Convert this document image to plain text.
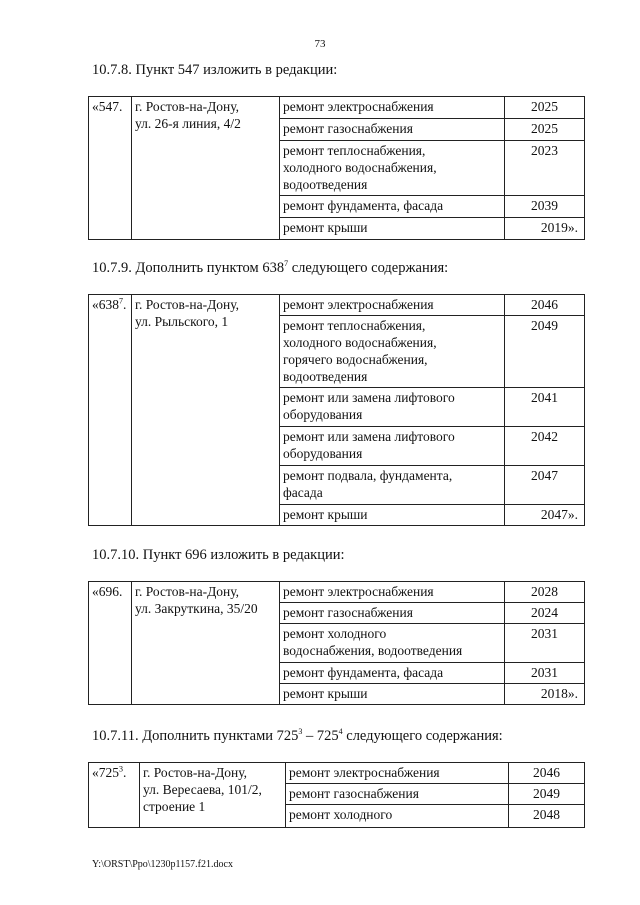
73
10.7.8. Пункт 547 изложить в редакции:
«547.	г. Ростов-на-Дону,
ул. 26-я линия, 4/2	ремонт электроснабжения	2025
		ремонт газоснабжения	2025
		ремонт теплоснабжения,
холодного водоснабжения,
водоотведения	2023
		ремонт фундамента, фасада	2039
		ремонт крыши	2019».
10.7.9. Дополнить пунктом $638^7$ следующего содержания:
«$638^7$.	г. Ростов-на-Дону,
ул. Рыльского, 1	ремонт электроснабжения	2046
		ремонт теплоснабжения,
холодного водоснабжения,
горячего водоснабжения,
водоотведения	2049
		ремонт или замена лифтового
оборудования	2041
		ремонт или замена лифтового
оборудования	2042
		ремонт подвала, фундамента,
фасада	2047
		ремонт крыши	2047».
10.7.10. Пункт 696 изложить в редакции:
«696.	г. Ростов-на-Дону,
ул. Закруткина, 35/20	ремонт электроснабжения	2028
		ремонт газоснабжения	2024
		ремонт холодного
водоснабжения, водоотведения	2031
		ремонт фундамента, фасада	2031
		ремонт крыши	2018».
10.7.11. Дополнить пунктами $725^3 - 725^4$ следующего содержания:
«$725^3$.	г. Ростов-на-Дону,
ул. Вересаева, 101/2,
строение 1	ремонт электроснабжения	2046
		ремонт газоснабжения	2049
		ремонт холодного	2048
Y:\ORST\Ppo\1230p1157.f21.docx
